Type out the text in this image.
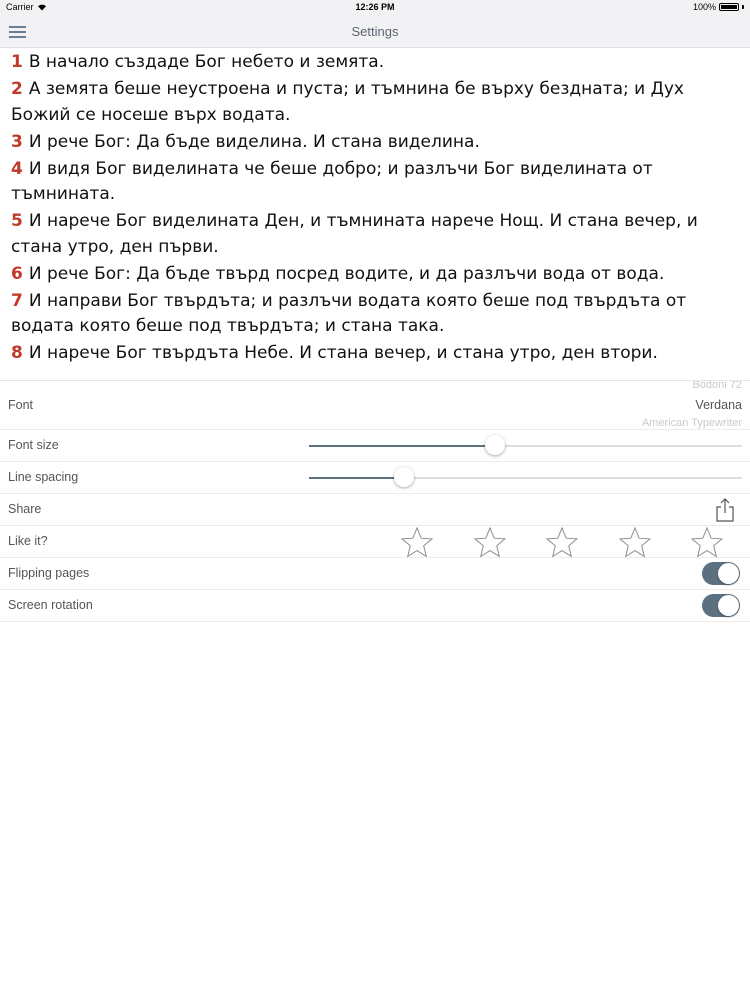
Carrier	12:26 PM	100%
Settings

1 В начало създаде Бог небето и земята.

2 А земята беше неустроена и пуста; и тъмнина бе върху бездната; и Дух Божий се носеше върх водата.

3 И рече Бог: Да бъде виделина. И стана виделина.

4 И видя Бог виделината че беше добро; и разлъчи Бог виделината от тъмнината.

5 И нарече Бог виделината Ден, и тъмнината нарече Нощ. И стана вечер, и стана утро, ден първи.

6 И рече Бог: Да бъде твърд посред водите, и да разлъчи вода от вода.

7 И направи Бог твърдъта; и разлъчи водата която беше под твърдъта от водата която беше под твърдъта; и стана така.

8 И нарече Бог твърдъта Небе. И стана вечер, и стана утро, ден втори.

Font
Bodoni 72
Verdana
American Typewriter
Font size
Line spacing
Share
Like it?
Flipping pages
Screen rotation
